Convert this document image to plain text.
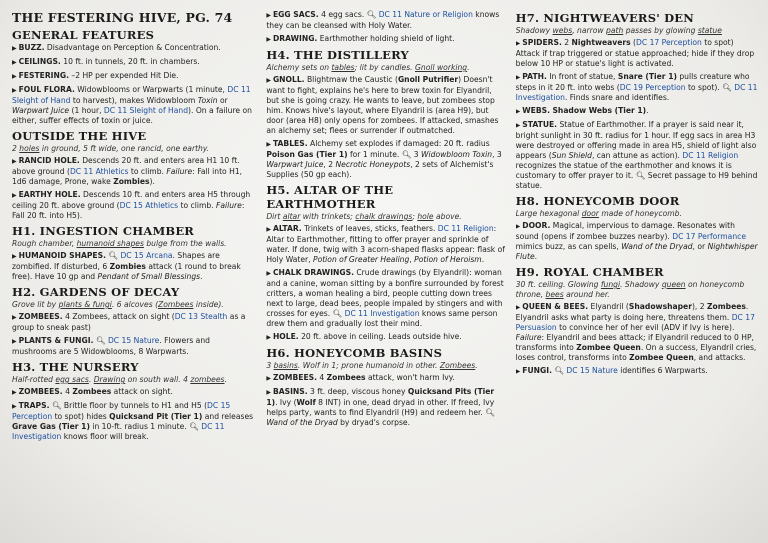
THE FESTERING HIVE, PG. 74
GENERAL FEATURES

▶︎ BUZZ. Disadvantage on Perception & Concentration.

▶︎ CEILINGS. 10 ft. in tunnels, 20 ft. in chambers.

▶︎ FESTERING. –2 HP per expended Hit Die.

▶︎ FOUL FLORA. Widowblooms or Warpwarts (1 minute, DC 11 Sleight of Hand to harvest), makes Widowbloom Toxin or Warpwart Juice (1 hour, DC 11 Sleight of Hand). On a failure on either, suffer effects of toxin or juice.

OUTSIDE THE HIVE

2 holes in ground, 5 ft wide, one rancid, one earthy.

▶︎ RANCID HOLE. Descends 20 ft. and enters area H1 10 ft. above ground (DC 11 Athletics to climb. Failure: Fall into H1, 1d6 damage, Prone, wake Zombies).

▶︎ EARTHY HOLE. Descends 10 ft. and enters area H5 through ceiling 20 ft. above ground (DC 15 Athletics to climb. Failure: Fall 20 ft. into H5).

H1. INGESTION CHAMBER

Rough chamber, humanoid shapes bulge from the walls.

▶︎ HUMANOID SHAPES. 🔍︎ DC 15 Arcana. Shapes are zombified. If disturbed, 6 Zombies attack (1 round to break free). Have 10 gp and Pendant of Small Blessings.

H2. GARDENS OF DECAY

Grove lit by plants & fungi. 6 alcoves (Zombees inside).

▶︎ ZOMBEES. 4 Zombees, attack on sight (DC 13 Stealth as a group to sneak past)

▶︎ PLANTS & FUNGI. 🔍︎ DC 15 Nature. Flowers and mushrooms are 5 Widowblooms, 8 Warpwarts.

H3. THE NURSERY

Half-rotted egg sacs. Drawing on south wall. 4 zombees.

▶︎ ZOMBEES. 4 Zombees attack on sight.

▶︎ TRAPS. 🔍︎ Brittle floor by tunnels to H1 and H5 (DC 15 Perception to spot) hides Quicksand Pit (Tier 1) and releases Grave Gas (Tier 1) in 10-ft. radius 1 minute. 🔍︎ DC 11 Investigation knows floor will break.

▶︎ EGG SACS. 4 egg sacs. 🔍︎ DC 11 Nature or Religion knows they can be cleansed with Holy Water.

▶︎ DRAWING. Earthmother holding shield of light.

H4. THE DISTILLERY

Alchemy sets on tables; lit by candles. Gnoll working.

▶︎ GNOLL. Blightmaw the Caustic (Gnoll Putrifier) Doesn't want to fight, explains he's here to brew toxin for Elyandril, but she is going crazy. He wants to leave, but zombees stop him. Knows hive's layout, where Elyandril is (area H9), but door (area H8) only opens for zombees. If attacked, smashes an alchemy set; flees or surrender if outmatched.

▶︎ TABLES. Alchemy set explodes if damaged: 20 ft. radius Poison Gas (Tier 1) for 1 minute. 🔍︎ 3 Widowbloom Toxin, 3 Warpwart Juice, 2 Necrotic Honeypots, 2 sets of Alchemist's Supplies (50 gp each).

H5. ALTAR OF THE EARTHMOTHER

Dirt altar with trinkets; chalk drawings; hole above.

▶︎ ALTAR. Trinkets of leaves, sticks, feathers. DC 11 Religion: Altar to Earthmother, fitting to offer prayer and sprinkle of water. If done, twig with 3 acorn-shaped flasks appear: flask of Holy Water, Potion of Greater Healing, Potion of Heroism.

▶︎ CHALK DRAWINGS. Crude drawings (by Elyandril): woman and a canine, woman sitting by a bonfire surrounded by forest critters, a woman healing a bird, people cutting down trees next to large, dead bees, people impaled by stingers and with crosses for eyes. 🔍︎ DC 11 Investigation knows same person drew them and gradually lost their mind.

▶︎ HOLE. 20 ft. above in ceiling. Leads outside hive.

H6. HONEYCOMB BASINS

3 basins. Wolf in 1; prone humanoid in other. Zombees.

▶︎ ZOMBEES. 4 Zombees attack, won't harm Ivy.

▶︎ BASINS. 3 ft. deep, viscous honey Quicksand Pits (Tier 1). Ivy (Wolf 8 INT) in one, dead dryad in other. If freed, Ivy helps party, wants to find Elyandril (H9) and redeem her. 🔍︎ Wand of the Dryad by dryad's corpse.

H7. NIGHTWEAVERS' DEN

Shadowy webs, narrow path passes by glowing statue

▶︎ SPIDERS. 2 Nightweavers (DC 17 Perception to spot) Attack if trap triggered or statue approached; hide if they drop below 10 HP or statue's light is activated.

▶︎ PATH. In front of statue, Snare (Tier 1) pulls creature who steps in it 20 ft. into webs (DC 19 Perception to spot). 🔍︎ DC 11 Investigation. Finds snare and identifies.

▶︎ WEBS. Shadow Webs (Tier 1).

▶︎ STATUE. Statue of Earthmother. If a prayer is said near it, bright sunlight in 30 ft. radius for 1 hour. If egg sacs in area H3 were destroyed or offering made in area H5, shield of light also appears (Sun Shield, can attune as action). DC 11 Religion recognizes the statue of the earthmother and knows it is customary to offer prayer to it. 🔍︎ Secret passage to H9 behind statue.

H8. HONEYCOMB DOOR

Large hexagonal door made of honeycomb.

▶︎ DOOR. Magical, impervious to damage. Resonates with sound (opens if zombee buzzes nearby). DC 17 Performance mimics buzz, as can spells, Wand of the Dryad, or Nightwhisper Flute.

H9. ROYAL CHAMBER

30 ft. ceiling. Glowing fungi. Shadowy queen on honeycomb throne, bees around her.

▶︎ QUEEN & BEES. Elyandril (Shadowshaper), 2 Zombees. Elyandril asks what party is doing here, threatens them. DC 17 Persuasion to convince her of her evil (ADV if Ivy is here). Failure: Elyandril and bees attack; if Elyandril reduced to 0 HP, transforms into Zombee Queen. On a success, Elyandril cries, loses control, transforms into Zombee Queen, and attacks.

▶︎ FUNGI. 🔍︎ DC 15 Nature identifies 6 Warpwarts.
